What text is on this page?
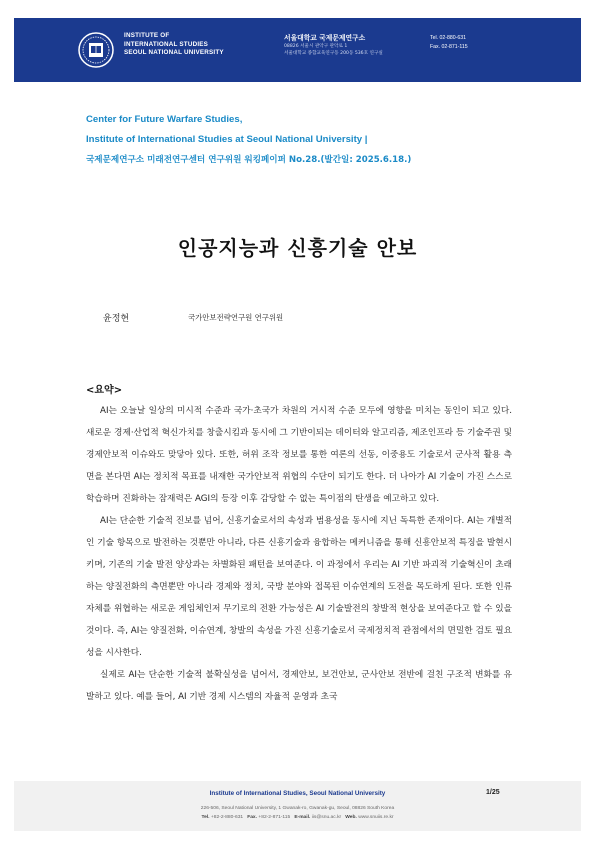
INSTITUTE OF
INTERNATIONAL STUDIES
SEOUL NATIONAL UNIVERSITY
서울대학교 국제문제연구소
08826 서울시 관악구 관악로 1
서울대학교 종합교육연구동 200동 536호 연구실
Tel. 02-880-631
Fax. 02-871-115
Center for Future Warfare Studies,
Institute of International Studies at Seoul National University |
국제문제연구소 미래전연구센터 연구위원 워킹페이퍼 No.28.(발간일: 2025.6.18.)
인공지능과 신흥기술 안보
윤정현	국가안보전략연구원 연구위원
<요약>

AI는 오늘날 일상의 미시적 수준과 국가·초국가 차원의 거시적 수준 모두에 영향을 미치는 동인이 되고 있다. 새로운 경제·산업적 혁신가치를 창출시킴과 동시에 그 기반이되는 데이터와 알고리즘, 제조인프라 등 기술주권 및 경제안보적 이슈와도 맞닿아 있다. 또한, 허위 조작 정보를 통한 여론의 선동, 이중용도 기술로서 군사적 활용 측면을 본다면 AI는 정치적 목표를 내재한 국가안보적 위협의 수단이 되기도 한다. 더 나아가 AI 기술이 가진 스스로 학습하며 진화하는 잠재력은 AGI의 등장 이후 감당할 수 없는 특이점의 탄생을 예고하고 있다.

AI는 단순한 기술적 진보를 넘어, 신흥기술로서의 속성과 범용성을 동시에 지닌 독특한 존재이다. AI는 개별적인 기술 항목으로 발전하는 것뿐만 아니라, 다른 신흥기술과 융합하는 메커니즘을 통해 신흥안보적 특징을 발현시키며, 기존의 기술 발전 양상과는 차별화된 패턴을 보여준다. 이 과정에서 우리는 AI 기반 파괴적 기술혁신이 초래하는 양질전화의 측면뿐만 아니라 경제와 정치, 국방 분야와 접목된 이슈연계의 도전을 목도하게 된다. 또한 인류 자체를 위협하는 새로운 게임체인저 무기로의 전환 가능성은 AI 기술발전의 창발적 현상을 보여준다고 할 수 있을 것이다. 즉, AI는 양질전화, 이슈연계, 창발의 속성을 가진 신흥기술로서 국제정치적 관점에서의 면밀한 검토 필요성을 시사한다.

실제로 AI는 단순한 기술적 불확실성을 넘어서, 경제안보, 보건안보, 군사안보 전반에 걸친 구조적 변화를 유발하고 있다. 예를 들어, AI 기반 경제 시스템의 자율적 운영과 초국

Institute of International Studies, Seoul National University	1/25
226-506, Seoul National University, 1 Gwanak-ro, Gwanak-gu, Seoul, 08826 South Korea
Tel. +82-2-880-631 Fax. +82-2-871-115 E-mail. iis@snu.ac.kr Web. www.snuiis.re.kr
